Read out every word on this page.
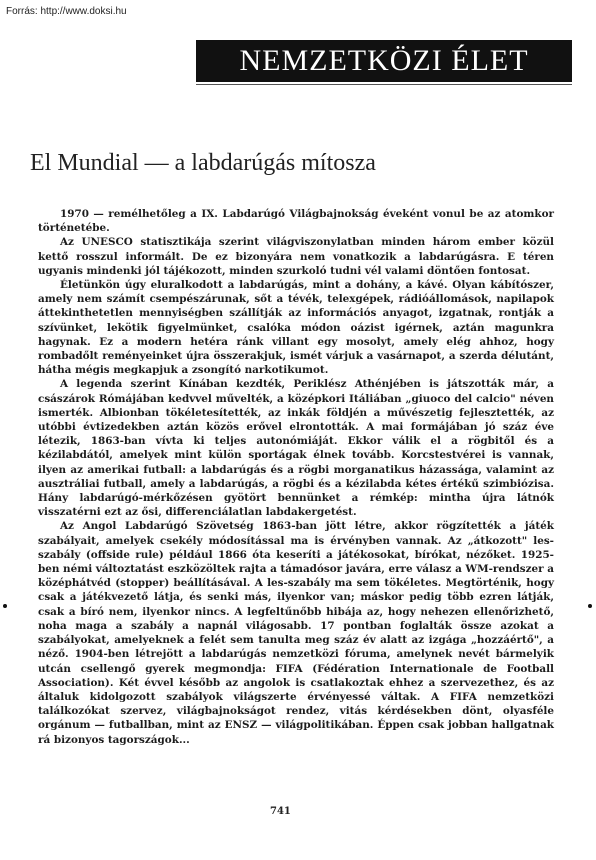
Forrás: http://www.doksi.hu
NEMZETKÖZI ÉLET
El Mundial — a labdarúgás mítosza

1970 — remélhetőleg a IX. Labdarúgó Világbajnokság éveként vonul be az atomkor történetébe.

Az UNESCO statisztikája szerint világviszonylatban minden három ember közül kettő rosszul informált. De ez bizonyára nem vonatkozik a labdarúgásra. E téren ugyanis mindenki jól tájékozott, minden szurkoló tudni vél valami döntően fontosat.

Életünkön úgy eluralkodott a labdarúgás, mint a dohány, a kávé. Olyan kábítószer, amely nem számít csempészárunak, sőt a tévék, telexgépek, rádióállomások, napilapok áttekinthetetlen mennyiségben szállítják az információs anyagot, izgatnak, rontják a szívünket, lekötik figyelmünket, csalóka módon oázist igérnek, aztán magunkra hagynak. Ez a modern hetéra ránk villant egy mosolyt, amely elég ahhoz, hogy rombadőlt reményeinket újra összerakjuk, ismét várjuk a vasárnapot, a szerda délutánt, hátha mégis megkapjuk a zsongító narkotikumot.

A legenda szerint Kínában kezdték, Periklész Athénjében is játszották már, a császárok Rómájában kedvvel művelték, a középkori Itáliában „giuoco del calcio" néven ismerték. Albionban tökéletesítették, az inkák földjén a művészetig fejlesztették, az utóbbi évtizedekben aztán közös erővel elrontották. A mai formájában jó száz éve létezik, 1863-ban vívta ki teljes autonómiáját. Ekkor válik el a rögbitől és a kézilabdától, amelyek mint külön sportágak élnek tovább. Korcstestvérei is vannak, ilyen az amerikai futball: a labdarúgás és a rögbi morganatikus házassága, valamint az ausztráliai futball, amely a labdarúgás, a rögbi és a kézilabda kétes értékű szimbiózisa. Hány labdarúgó-mérkőzésen gyötört bennünket a rémkép: mintha újra látnók visszatérni ezt az ősi, differenciálatlan labdakergetést.

Az Angol Labdarúgó Szövetség 1863-ban jött létre, akkor rögzítették a játék szabályait, amelyek csekély módosítással ma is érvényben vannak. Az „átkozott" les-szabály (offside rule) például 1866 óta keseríti a játékosokat, bírókat, nézőket. 1925-ben némi változtatást eszközöltek rajta a támadósor javára, erre válasz a WM-rendszer a középhátvéd (stopper) beállításával. A les-szabály ma sem tökéletes. Megtörténik, hogy csak a játékvezető látja, és senki más, ilyenkor van; máskor pedig több ezren látják, csak a bíró nem, ilyenkor nincs. A legfeltűnőbb hibája az, hogy nehezen ellenőrizhető, noha maga a szabály a napnál világosabb. 17 pontban foglalták össze azokat a szabályokat, amelyeknek a felét sem tanulta meg száz év alatt az izgága „hozzáértő", a néző. 1904-ben létrejött a labdarúgás nemzetközi fóruma, amelynek nevét bármelyik utcán csellengő gyerek megmondja: FIFA (Fédération Internationale de Football Association). Két évvel később az angolok is csatlakoztak ehhez a szervezethez, és az általuk kidolgozott szabályok világszerte érvényessé váltak. A FIFA nemzetközi találkozókat szervez, világbajnokságot rendez, vitás kérdésekben dönt, olyasféle orgánum — futballban, mint az ENSZ — világpolitikában. Éppen csak jobban hallgatnak rá bizonyos tagországok...

741
